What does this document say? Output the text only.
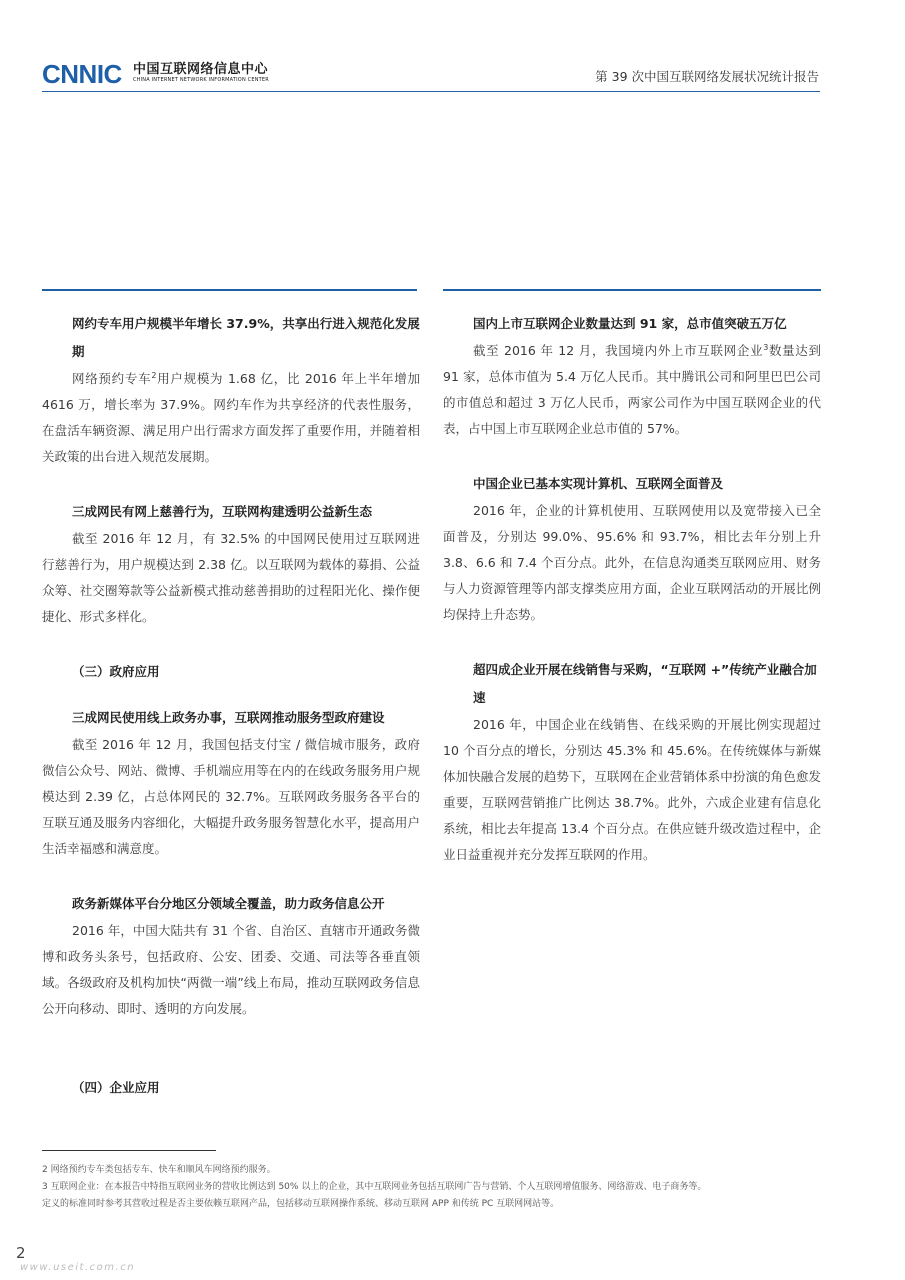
CNNIC 中国互联网络信息中心
CHINA INTERNET NETWORK INFORMATION CENTER	第 39 次中国互联网络发展状况统计报告
网约专车用户规模半年增长 37.9%，共享出行进入规范化发展期

网络预约专车$^2$用户规模为 1.68 亿，比 2016 年上半年增加 4616 万，增长率为 37.9%。网约车作为共享经济的代表性服务，在盘活车辆资源、满足用户出行需求方面发挥了重要作用，并随着相关政策的出台进入规范发展期。

三成网民有网上慈善行为，互联网构建透明公益新生态

截至 2016 年 12 月，有 32.5% 的中国网民使用过互联网进行慈善行为，用户规模达到 2.38 亿。以互联网为载体的募捐、公益众筹、社交圈筹款等公益新模式推动慈善捐助的过程阳光化、操作便捷化、形式多样化。

（三）政府应用
三成网民使用线上政务办事，互联网推动服务型政府建设

截至 2016 年 12 月，我国包括支付宝 / 微信城市服务，政府微信公众号、网站、微博、手机端应用等在内的在线政务服务用户规模达到 2.39 亿，占总体网民的 32.7%。互联网政务服务各平台的互联互通及服务内容细化，大幅提升政务服务智慧化水平，提高用户生活幸福感和满意度。

政务新媒体平台分地区分领域全覆盖，助力政务信息公开

2016 年，中国大陆共有 31 个省、自治区、直辖市开通政务微博和政务头条号，包括政府、公安、团委、交通、司法等各垂直领域。各级政府及机构加快“两微一端”线上布局，推动互联网政务信息公开向移动、即时、透明的方向发展。

（四）企业应用
国内上市互联网企业数量达到 91 家，总市值突破五万亿

截至 2016 年 12 月，我国境内外上市互联网企业$^3$数量达到 91 家，总体市值为 5.4 万亿人民币。其中腾讯公司和阿里巴巴公司的市值总和超过 3 万亿人民币，两家公司作为中国互联网企业的代表，占中国上市互联网企业总市值的 57%。

中国企业已基本实现计算机、互联网全面普及

2016 年，企业的计算机使用、互联网使用以及宽带接入已全面普及，分别达 99.0%、95.6% 和 93.7%，相比去年分别上升 3.8、6.6 和 7.4 个百分点。此外，在信息沟通类互联网应用、财务与人力资源管理等内部支撑类应用方面，企业互联网活动的开展比例均保持上升态势。

超四成企业开展在线销售与采购，“互联网 +”传统产业融合加速

2016 年，中国企业在线销售、在线采购的开展比例实现超过 10 个百分点的增长，分别达 45.3% 和 45.6%。在传统媒体与新媒体加快融合发展的趋势下，互联网在企业营销体系中扮演的角色愈发重要，互联网营销推广比例达 38.7%。此外，六成企业建有信息化系统，相比去年提高 13.4 个百分点。在供应链升级改造过程中，企业日益重视并充分发挥互联网的作用。

2 网络预约专车类包括专车、快车和顺风车网络预约服务。

3 互联网企业：在本报告中特指互联网业务的营收比例达到 50% 以上的企业，其中互联网业务包括互联网广告与营销、个人互联网增值服务、网络游戏、电子商务等。

定义的标准同时参考其营收过程是否主要依赖互联网产品，包括移动互联网操作系统、移动互联网 APP 和传统 PC 互联网网站等。

2
www.useit.com.cn
